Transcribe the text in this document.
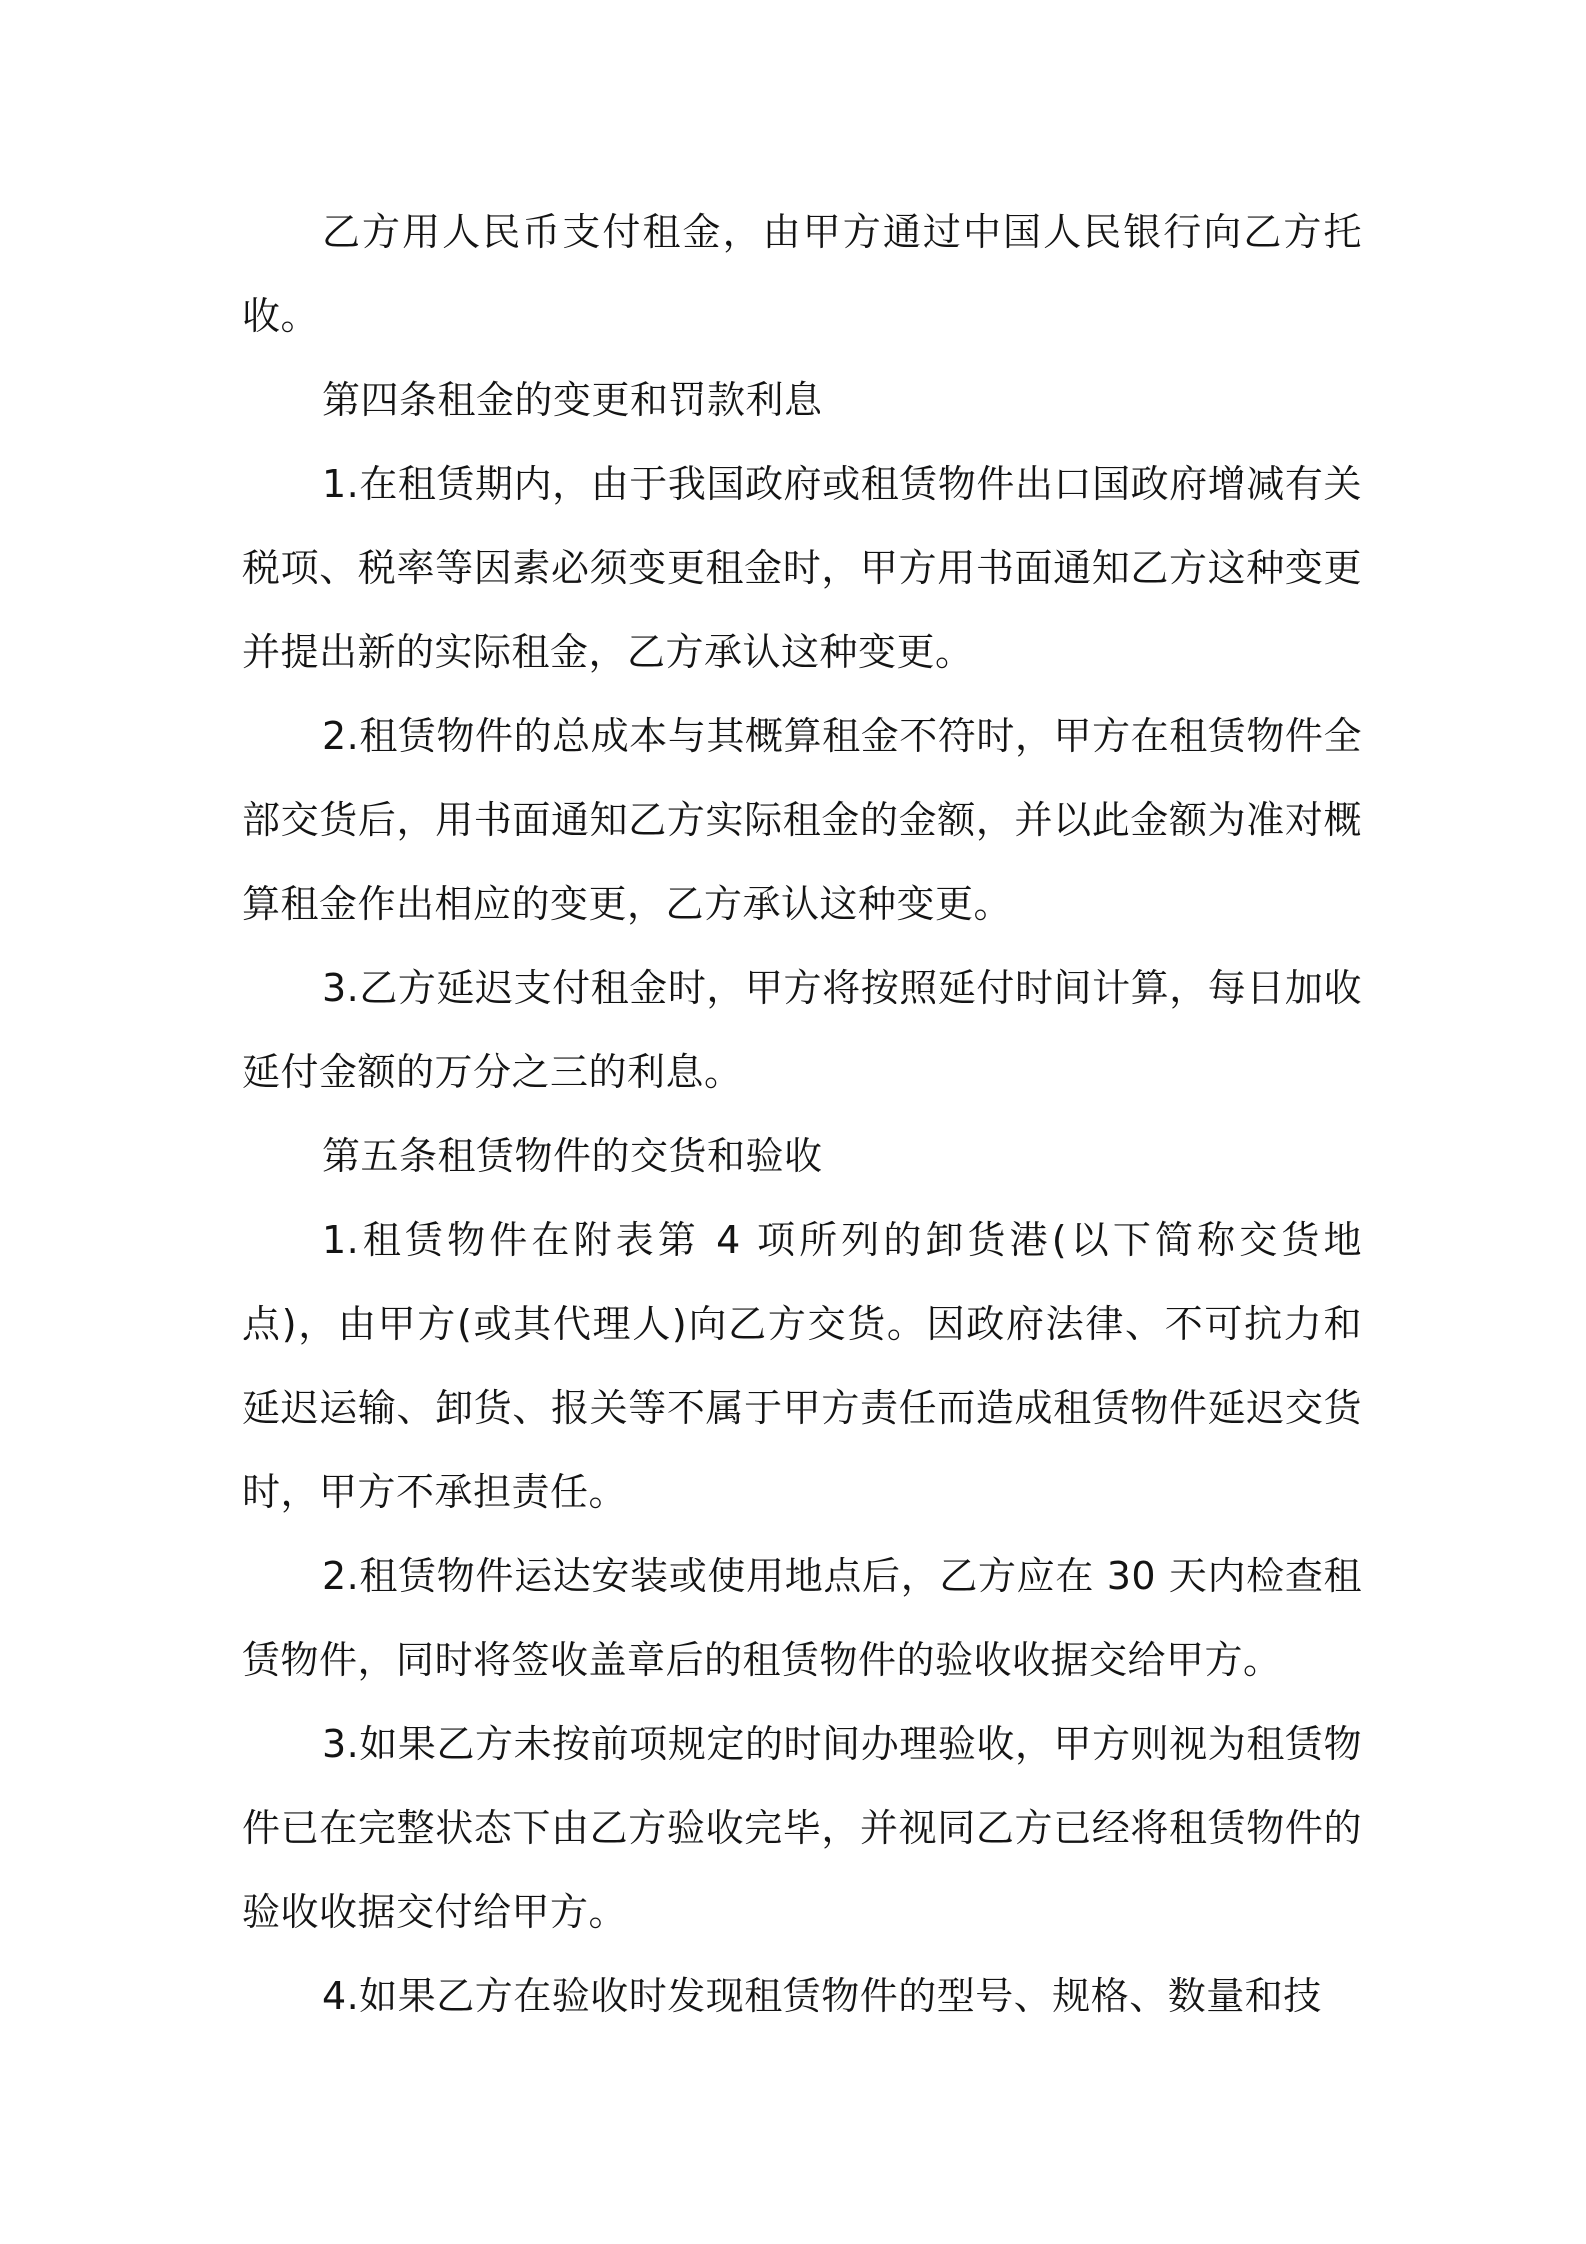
乙方用人民币支付租金，由甲方通过中国人民银行向乙方托收。

第四条租金的变更和罚款利息

1.在租赁期内，由于我国政府或租赁物件出口国政府增减有关税项、税率等因素必须变更租金时，甲方用书面通知乙方这种变更并提出新的实际租金，乙方承认这种变更。

2.租赁物件的总成本与其概算租金不符时，甲方在租赁物件全部交货后，用书面通知乙方实际租金的金额，并以此金额为准对概算租金作出相应的变更，乙方承认这种变更。

3.乙方延迟支付租金时，甲方将按照延付时间计算，每日加收延付金额的万分之三的利息。

第五条租赁物件的交货和验收

1.租赁物件在附表第 4 项所列的卸货港(以下简称交货地点)，由甲方(或其代理人)向乙方交货。因政府法律、不可抗力和延迟运输、卸货、报关等不属于甲方责任而造成租赁物件延迟交货时，甲方不承担责任。

2.租赁物件运达安装或使用地点后，乙方应在 30 天内检查租赁物件，同时将签收盖章后的租赁物件的验收收据交给甲方。

3.如果乙方未按前项规定的时间办理验收，甲方则视为租赁物件已在完整状态下由乙方验收完毕，并视同乙方已经将租赁物件的验收收据交付给甲方。

4.如果乙方在验收时发现租赁物件的型号、规格、数量和技
